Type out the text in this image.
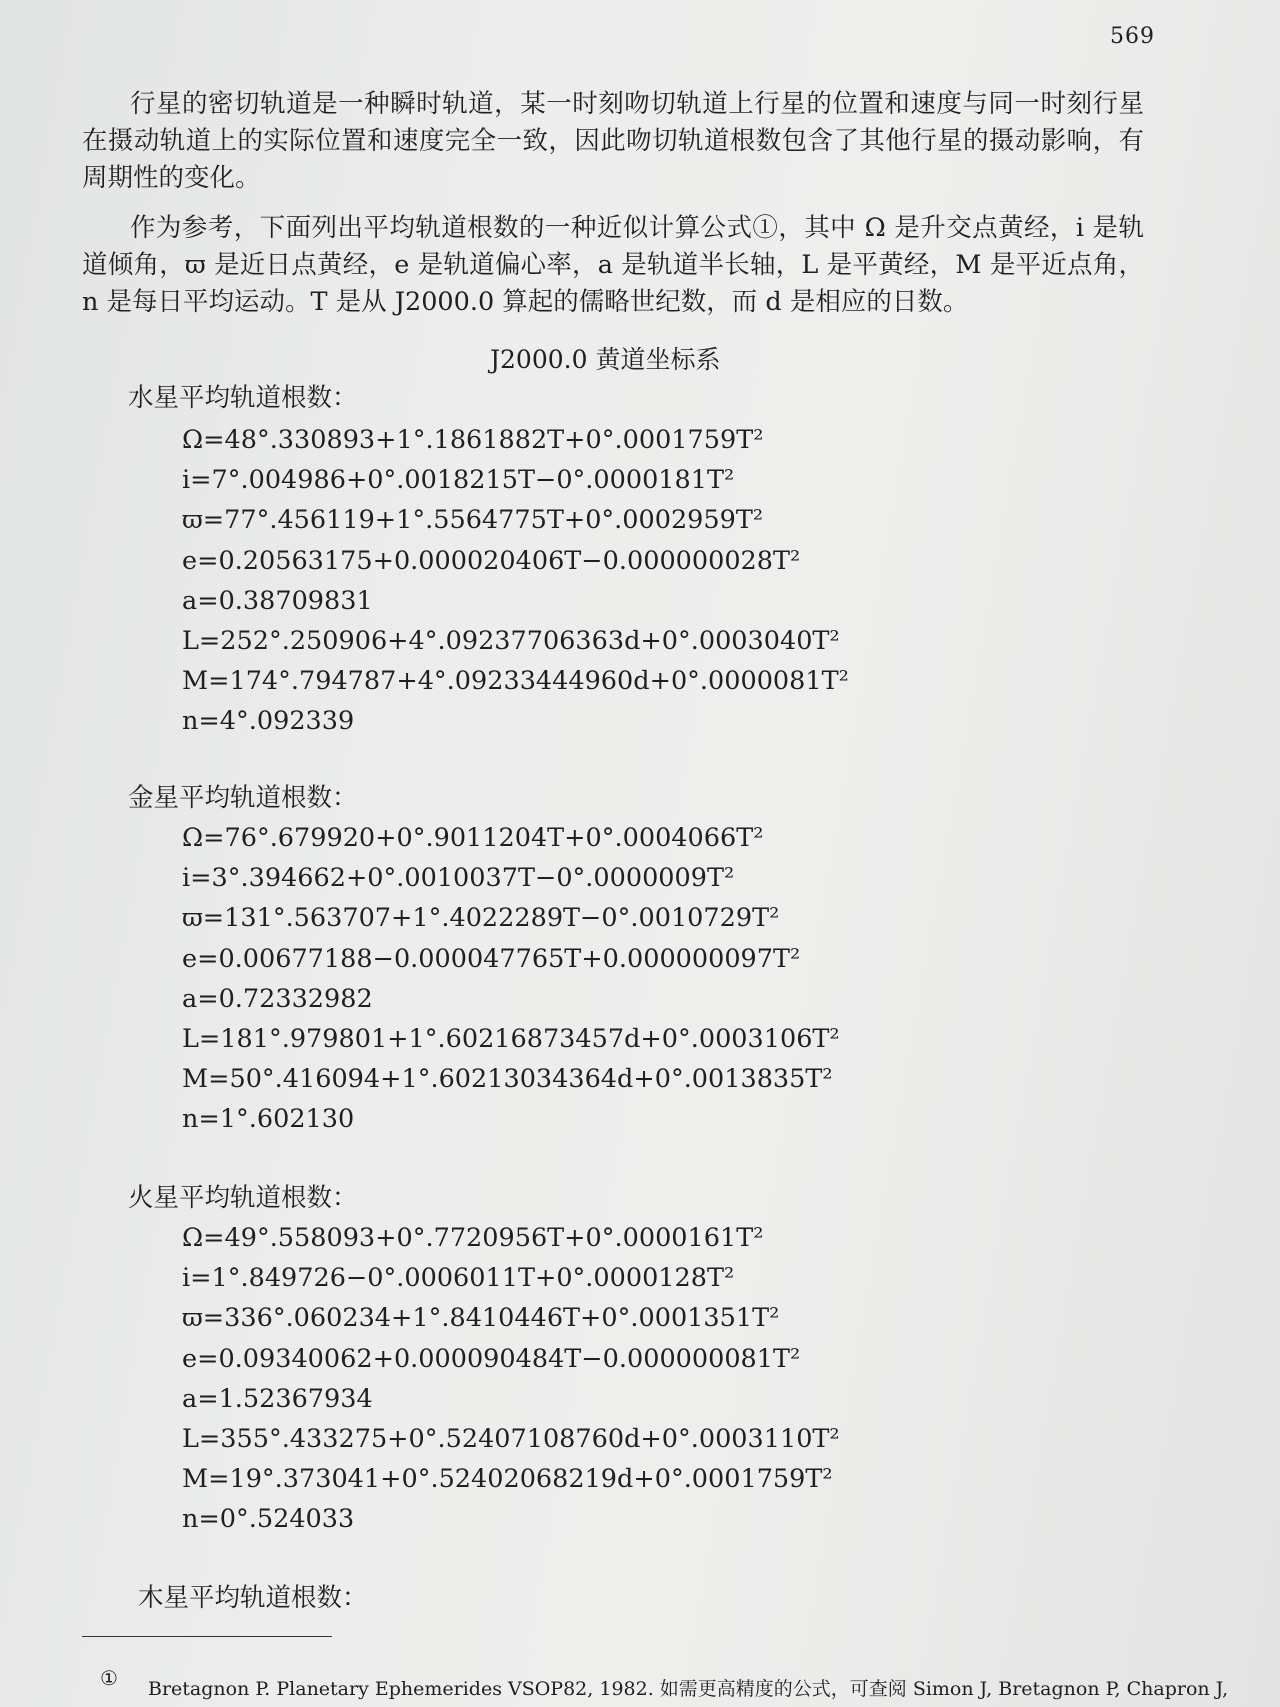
569

行星的密切轨道是一种瞬时轨道，某一时刻吻切轨道上行星的位置和速度与同一时刻行星在摄动轨道上的实际位置和速度完全一致，因此吻切轨道根数包含了其他行星的摄动影响，有周期性的变化。

作为参考，下面列出平均轨道根数的一种近似计算公式①，其中 Ω 是升交点黄经，i 是轨道倾角，ϖ 是近日点黄经，e 是轨道偏心率，a 是轨道半长轴，L 是平黄经，M 是平近点角，n 是每日平均运动。T 是从 J2000.0 算起的儒略世纪数，而 d 是相应的日数。

J2000.0 黄道坐标系
水星平均轨道根数：
Ω=48°.330893+1°.1861882T+0°.0001759T²
i=7°.004986+0°.0018215T−0°.0000181T²
ϖ=77°.456119+1°.5564775T+0°.0002959T²
e=0.20563175+0.000020406T−0.000000028T²
a=0.38709831
L=252°.250906+4°.09237706363d+0°.0003040T²
M=174°.794787+4°.09233444960d+0°.0000081T²
n=4°.092339
金星平均轨道根数：
Ω=76°.679920+0°.9011204T+0°.0004066T²
i=3°.394662+0°.0010037T−0°.0000009T²
ϖ=131°.563707+1°.4022289T−0°.0010729T²
e=0.00677188−0.000047765T+0.000000097T²
a=0.72332982
L=181°.979801+1°.60216873457d+0°.0003106T²
M=50°.416094+1°.60213034364d+0°.0013835T²
n=1°.602130
火星平均轨道根数：
Ω=49°.558093+0°.7720956T+0°.0000161T²
i=1°.849726−0°.0006011T+0°.0000128T²
ϖ=336°.060234+1°.8410446T+0°.0001351T²
e=0.09340062+0.000090484T−0.000000081T²
a=1.52367934
L=355°.433275+0°.52407108760d+0°.0003110T²
M=19°.373041+0°.52402068219d+0°.0001759T²
n=0°.524033
木星平均轨道根数：
① Bretagnon P. Planetary Ephemerides VSOP82, 1982. 如需更高精度的公式，可查阅 Simon J, Bretagnon P, Chapron J,
